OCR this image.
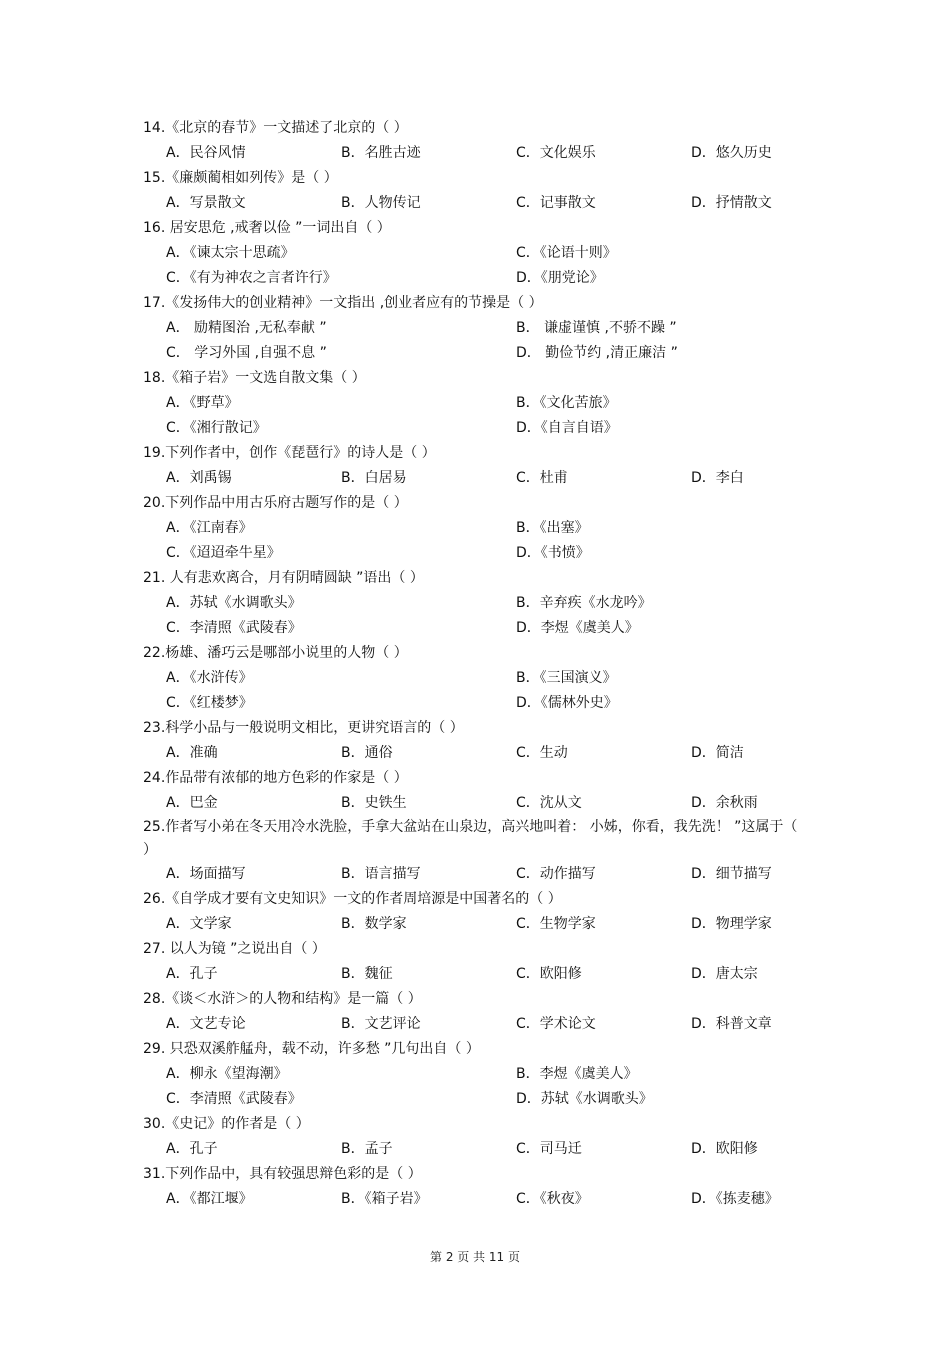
14.《北京的春节》一文描述了北京的（ ）
A．民谷风情	B．名胜古迹	C．文化娱乐	D．悠久历史
15.《廉颇蔺相如列传》是（ ）
A．写景散文	B．人物传记	C．记事散文	D．抒情散文
16. 居安思危 ,戒奢以俭 ”一词出自（ ）
A．《谏太宗十思疏》	C．《论语十则》
C．《有为神农之言者许行》	D．《朋党论》
17.《发扬伟大的创业精神》一文指出 ,创业者应有的节操是（ ）
A． 励精图治 ,无私奉献 ”	B． 谦虚谨慎 ,不骄不躁 ”
C． 学习外国 ,自强不息 ”	D． 勤俭节约 ,清正廉洁 ”
18.《箱子岩》一文选自散文集（ ）
A．《野草》	B．《文化苦旅》
C．《湘行散记》	D．《自言自语》
19.下列作者中，创作《琵琶行》的诗人是（ ）
A．刘禹锡	B．白居易	C．杜甫	D．李白
20.下列作品中用古乐府古题写作的是（ ）
A．《江南春》	B．《出塞》
C．《迢迢牵牛星》	D．《书愤》
21. 人有悲欢离合，月有阴晴圆缺 ”语出（ ）
A．苏轼《水调歌头》	B．辛弃疾《水龙吟》
C．李清照《武陵春》	D．李煜《虞美人》
22.杨雄、潘巧云是哪部小说里的人物（ ）
A．《水浒传》	B．《三国演义》
C．《红楼梦》	D．《儒林外史》
23.科学小品与一般说明文相比，更讲究语言的（ ）
A．准确	B．通俗	C．生动	D．简洁
24.作品带有浓郁的地方色彩的作家是（ ）
A．巴金	B．史铁生	C．沈从文	D．余秋雨
25.作者写小弟在冬天用冷水洗脸，手拿大盆站在山泉边，高兴地叫着： 小姊，你看，我先洗！ ”这属于（ ）
A．场面描写	B．语言描写	C．动作描写	D．细节描写
26.《自学成才要有文史知识》一文的作者周培源是中国著名的（ ）
A．文学家	B．数学家	C．生物学家	D．物理学家
27. 以人为镜 ”之说出自（ ）
A．孔子	B．魏征	C．欧阳修	D．唐太宗
28.《谈＜水浒＞的人物和结构》是一篇（ ）
A．文艺专论	B．文艺评论	C．学术论文	D．科普文章
29. 只恐双溪舴艋舟，载不动，许多愁 ”几句出自（ ）
A．柳永《望海潮》	B．李煜《虞美人》
C．李清照《武陵春》	D．苏轼《水调歌头》
30.《史记》的作者是（ ）
A．孔子	B．孟子	C．司马迁	D．欧阳修
31.下列作品中，具有较强思辩色彩的是（ ）
A．《都江堰》	B．《箱子岩》	C．《秋夜》	D．《拣麦穗》
第 2 页 共 11 页
